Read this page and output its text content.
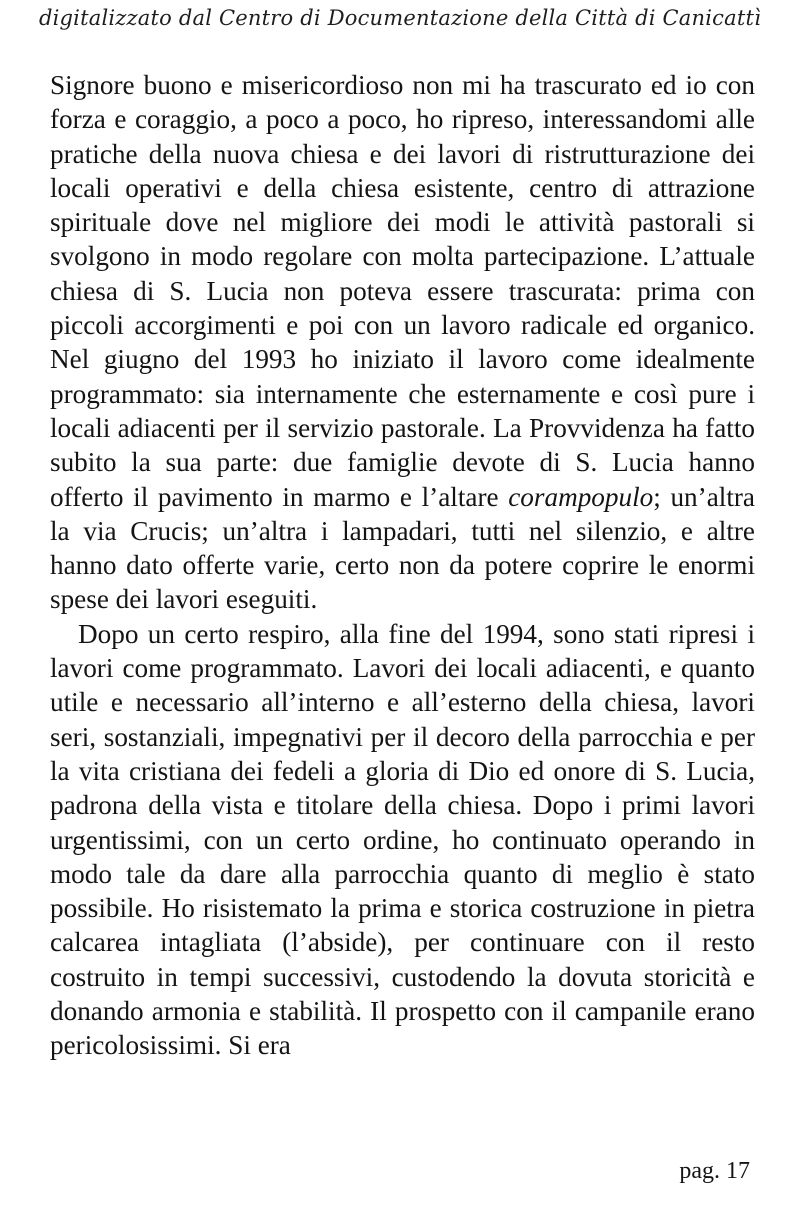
digitalizzato dal Centro di Documentazione della Città di Canicattì

Signore buono e misericordioso non mi ha trascurato ed io con forza e coraggio, a poco a poco, ho ripreso, interessandomi alle pratiche della nuova chiesa e dei lavori di ristrutturazione dei locali operativi e della chiesa esistente, centro di attrazione spirituale dove nel migliore dei modi le attività pastorali si svolgono in modo regolare con molta partecipazione. L’attuale chiesa di S. Lucia non poteva essere trascurata: prima con piccoli accorgimenti e poi con un lavoro radicale ed organico. Nel giugno del 1993 ho iniziato il lavoro come idealmente programmato: sia internamente che esternamente e così pure i locali adiacenti per il servizio pastorale. La Provvidenza ha fatto subito la sua parte: due famiglie devote di S. Lucia hanno offerto il pavimento in marmo e l’altare corampopulo; un’altra la via Crucis; un’altra i lampadari, tutti nel silenzio, e altre hanno dato offerte varie, certo non da potere coprire le enormi spese dei lavori eseguiti.

Dopo un certo respiro, alla fine del 1994, sono stati ripresi i lavori come programmato. Lavori dei locali adiacenti, e quanto utile e necessario all’interno e all’esterno della chiesa, lavori seri, sostanziali, impegnativi per il decoro della parrocchia e per la vita cristiana dei fedeli a gloria di Dio ed onore di S. Lucia, padrona della vista e titolare della chiesa. Dopo i primi lavori urgentissimi, con un certo ordine, ho continuato operando in modo tale da dare alla parrocchia quanto di meglio è stato possibile. Ho risistemato la prima e storica costruzione in pietra calcarea intagliata (l’abside), per continuare con il resto costruito in tempi successivi, custodendo la dovuta storicità e donando armonia e stabilità. Il prospetto con il campanile erano pericolosissimi. Si era

pag. 17
